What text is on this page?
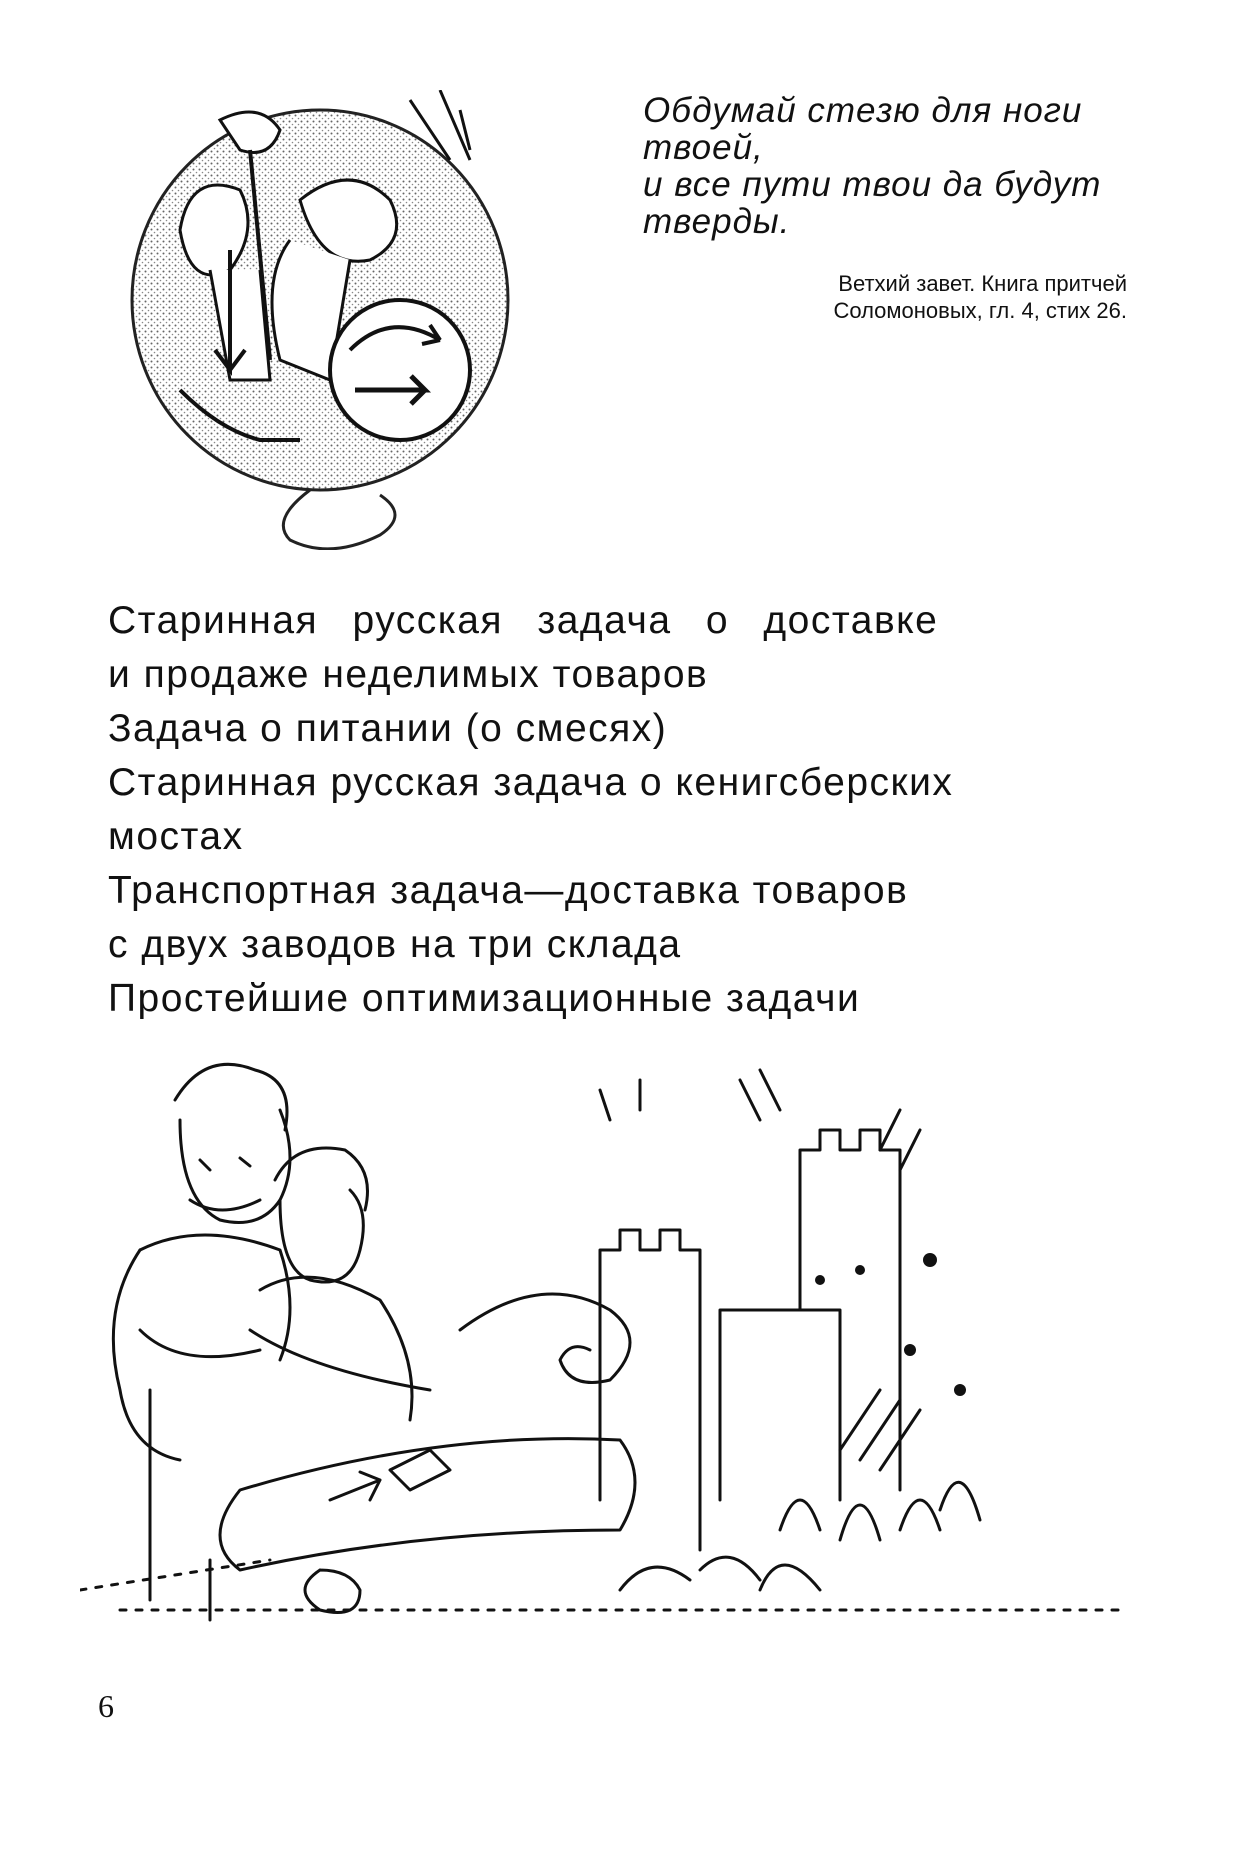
Обдумай стезю для ноги

твоей,

и все пути твои да будут

тверды.

Ветхий завет. Книга притчей
Соломоновых, гл. 4, стих 26.
Старинная русская задача о доставке
и продаже неделимых товаров
Задача о питании (о смесях)
Старинная русская задача о кенигсберских
мостах
Транспортная задача—доставка товаров
с двух заводов на три склада
Простейшие оптимизационные задачи
6
